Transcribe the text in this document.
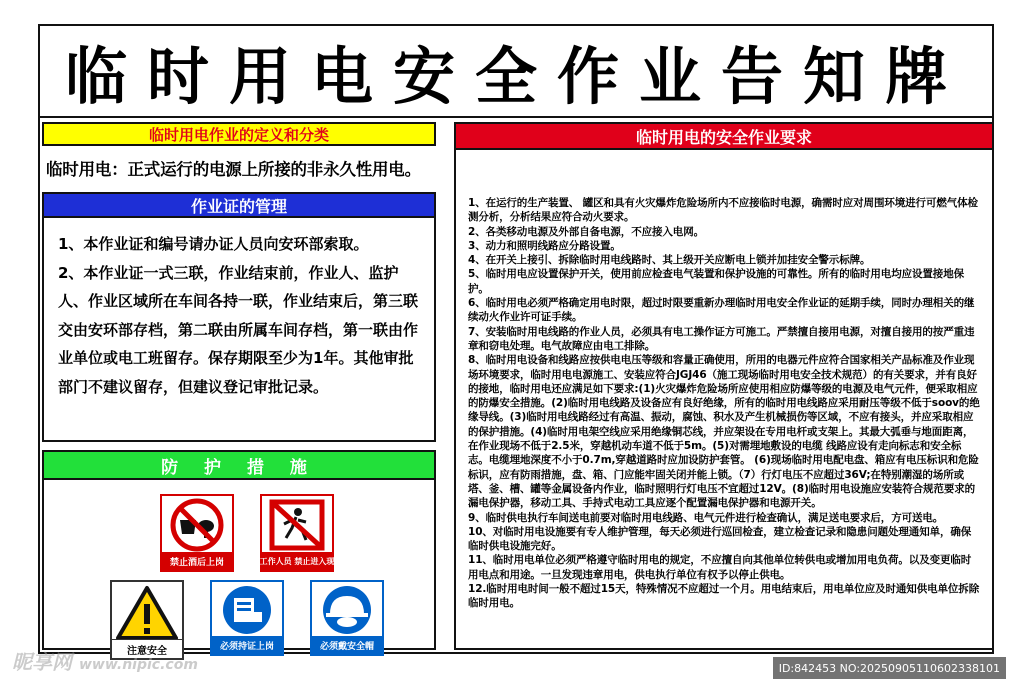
临时用电安全作业告知牌
临时用电作业的定义和分类
临时用电：正式运行的电源上所接的非永久性用电。
作业证的管理

1、本作业证和编号请办证人员向安环部索取。

2、本作业证一式三联，作业结束前，作业人、监护人、作业区域所在车间各持一联，作业结束后，第三联交由安环部存档，第二联由所属车间存档，第一联由作业单位或电工班留存。保存期限至少为1年。其他审批部门不建议留存，但建议登记审批记录。

防 护 措 施
禁止酒后上岗	非工作人员 禁止进入现场
注意安全	必须持证上岗	必须戴安全帽
临时用电的安全作业要求
1、在运行的生产装置、 罐区和具有火灾爆炸危险场所内不应接临时电源，确需时应对周围环境进行可燃气体检测分析，分析结果应符合动火要求。
2、各类移动电源及外部自备电源，不应接入电网。
3、动力和照明线路应分路设置。
4、在开关上接引、拆除临时用电线路时、其上级开关应断电上锁并加挂安全警示标牌。
5、临时用电应设置保护开关，使用前应检查电气装置和保护设施的可靠性。所有的临时用电均应设置接地保护。
6、临时用电必须严格确定用电时限，超过时限要重新办理临时用电安全作业证的延期手续，同时办理相关的继续动火作业许可证手续。
7、安装临时用电线路的作业人员，必须具有电工操作证方可施工。严禁擅自接用电源，对擅自接用的按严重违章和窃电处理。电气故障应由电工排除。
8、临时用电设备和线路应按供电电压等级和容量正确使用，所用的电器元件应符合国家相关产品标准及作业现场环境要求，临时用电电源施工、安装应符合JGJ46（施工现场临时用电安全技术规范）的有关要求，并有良好的接地，临时用电还应满足如下要求:(1)火灾爆炸危险场所应使用相应防爆等级的电源及电气元件，便采取相应的防爆安全措施。(2)临时用电线路及设备应有良好绝缘，所有的临时用电线路应采用耐压等级不低于soov的绝缘导线。(3)临时用电线路经过有高温、振动，腐蚀、积水及产生机械损伤等区域，不应有接头，并应采取相应的保护措施。(4)临时用电架空线应采用绝缘铜芯线，并应架设在专用电杆或支架上。其最大弧垂与地面距离，在作业现场不低于2.5米，穿越机动车道不低于5m。(5)对需埋地敷设的电缆 线路应设有走向标志和安全标志。电缆埋地深度不小于0.7m,穿越道路时应加设防护套管。 (6)现场临时用电配电盘、箱应有电压标识和危险标识，应有防雨措施，盘、箱、门应能牢固关闭并能上锁。（7）行灯电压不应超过36V;在特别潮湿的场所或塔、釜、槽、罐等金属设备内作业，临时照明行灯电压不宜超过12V。(8)临时用电设施应安装符合规范要求的漏电保护器，移动工具、手持式电动工具应逐个配置漏电保护器和电源开关。
9、临时供电执行车间送电前要对临时用电线路、电气元件进行检查确认，满足送电要求后，方可送电。
10、对临时用电设施要有专人维护管理，每天必须进行巡回检查，建立检查记录和隐患问题处理通知单，确保临时供电设施完好。
11、临时用电单位必须严格遵守临时用电的规定，不应擅自向其他单位转供电或增加用电负荷。以及变更临时用电点和用途。一旦发现违章用电，供电执行单位有权予以停止供电。
12.临时用电时间一般不超过15天，特殊情况不应超过一个月。用电结束后，用电单位应及时通知供电单位拆除临时用电。
昵享网 www.nipic.com	ID:842453 NO:20250905110602338101
